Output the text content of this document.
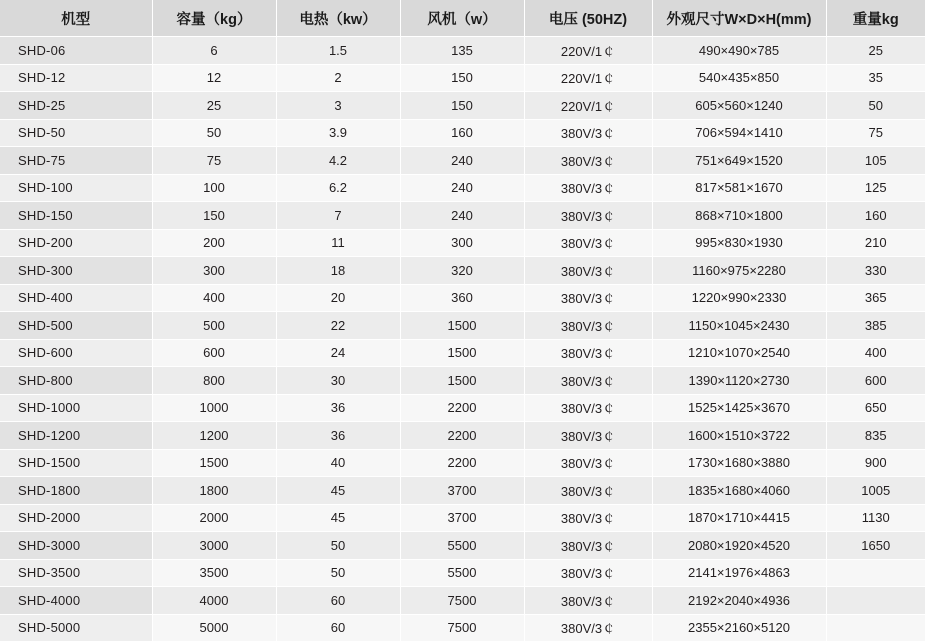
机型	容量（kg）	电热（kw）	风机（w）	电压 (50HZ)	外观尺寸W×D×H(mm)	重量kg
SHD-06	6	1.5	135	220V/1￠	490×490×785	25
SHD-12	12	2	150	220V/1￠	540×435×850	35
SHD-25	25	3	150	220V/1￠	605×560×1240	50
SHD-50	50	3.9	160	380V/3￠	706×594×1410	75
SHD-75	75	4.2	240	380V/3￠	751×649×1520	105
SHD-100	100	6.2	240	380V/3￠	817×581×1670	125
SHD-150	150	7	240	380V/3￠	868×710×1800	160
SHD-200	200	11	300	380V/3￠	995×830×1930	210
SHD-300	300	18	320	380V/3￠	1160×975×2280	330
SHD-400	400	20	360	380V/3￠	1220×990×2330	365
SHD-500	500	22	1500	380V/3￠	1150×1045×2430	385
SHD-600	600	24	1500	380V/3￠	1210×1070×2540	400
SHD-800	800	30	1500	380V/3￠	1390×1120×2730	600
SHD-1000	1000	36	2200	380V/3￠	1525×1425×3670	650
SHD-1200	1200	36	2200	380V/3￠	1600×1510×3722	835
SHD-1500	1500	40	2200	380V/3￠	1730×1680×3880	900
SHD-1800	1800	45	3700	380V/3￠	1835×1680×4060	1005
SHD-2000	2000	45	3700	380V/3￠	1870×1710×4415	1130
SHD-3000	3000	50	5500	380V/3￠	2080×1920×4520	1650
SHD-3500	3500	50	5500	380V/3￠	2141×1976×4863	
SHD-4000	4000	60	7500	380V/3￠	2192×2040×4936	
SHD-5000	5000	60	7500	380V/3￠	2355×2160×5120	
